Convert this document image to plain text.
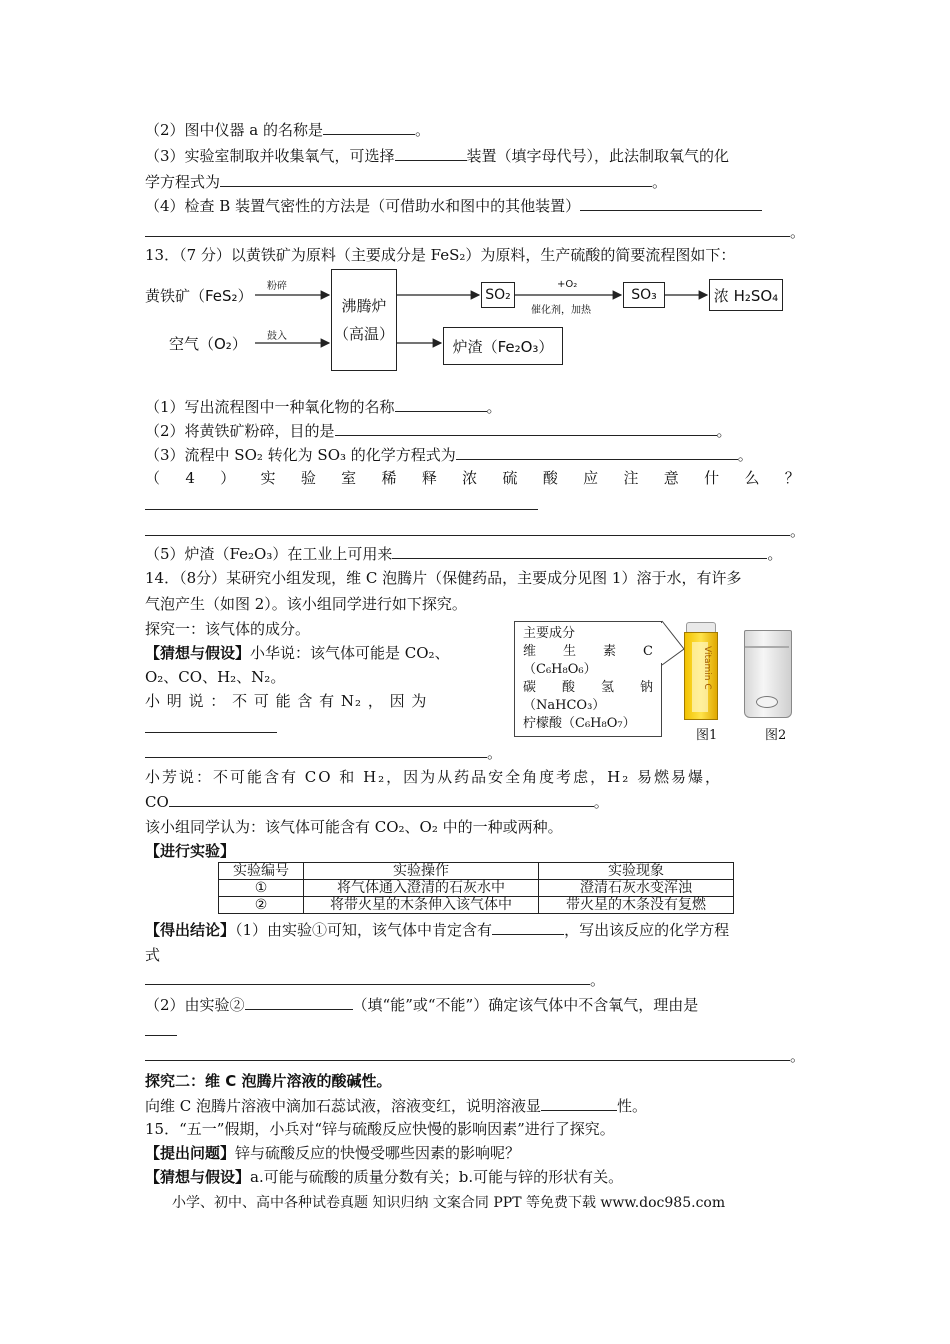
（2）图中仪器 a 的名称是	。
（3）实验室制取并收集氧气，可选择	装置（填字母代号），此法制取氧气的化
学方程式为	。
（4）检查 B 装置气密性的方法是（可借助水和图中的其他装置）
。
13．（7 分）以黄铁矿为原料（主要成分是 FeS₂）为原料，生产硫酸的简要流程图如下：
黄铁矿（FeS₂）
粉碎
空气（O₂） 鼓入
沸腾炉
（高温）
SO₂
+O₂
催化剂，加热
SO₃	浓 H₂SO₄
炉渣（Fe₂O₃）
（1）写出流程图中一种氧化物的名称	。
（2）将黄铁矿粉碎，目的是	。
（3）流程中 SO₂ 转化为 SO₃ 的化学方程式为	。
（ 4 ） 实 验 室 稀 释 浓 硫 酸 应 注 意 什 么 ？
。
（5）炉渣（Fe₂O₃）在工业上可用来	。
14．（8分）某研究小组发现，维 C 泡腾片（保健药品，主要成分见图 1）溶于水，有许多
气泡产生（如图 2）。该小组同学进行如下探究。
探究一：该气体的成分。
【猜想与假设】小华说：该气体可能是 CO₂、
O₂、CO、H₂、N₂。
小 明 说 ： 不 可 能 含 有 N₂ ， 因 为
。
主要成分
维 生 素 C
（C₆H₈O₆）
碳 酸 氢 钠
（NaHCO₃）
柠檬酸（C₆H₈O₇）
Vitamin C
图1	图2
小芳说：不可能含有 CO 和 H₂，因为从药品安全角度考虑，H₂ 易燃易爆，
CO	。
该小组同学认为：该气体可能含有 CO₂、O₂ 中的一种或两种。
【进行实验】
实验编号	实验操作	实验现象
①	将气体通入澄清的石灰水中	澄清石灰水变浑浊
②	将带火星的木条伸入该气体中	带火星的木条没有复燃
【得出结论】（1）由实验①可知，该气体中肯定含有	，写出该反应的化学方程
式
。
（2）由实验②	（填“能”或“不能”）确定该气体中不含氧气，理由是
。
探究二：维 C 泡腾片溶液的酸碱性。
向维 C 泡腾片溶液中滴加石蕊试液，溶液变红，说明溶液显	性。
15．“五一”假期，小兵对“锌与硫酸反应快慢的影响因素”进行了探究。
【提出问题】锌与硫酸反应的快慢受哪些因素的影响呢？
【猜想与假设】a.可能与硫酸的质量分数有关；b.可能与锌的形状有关。
小学、初中、高中各种试卷真题 知识归纳 文案合同 PPT 等免费下载 www.doc985.com
